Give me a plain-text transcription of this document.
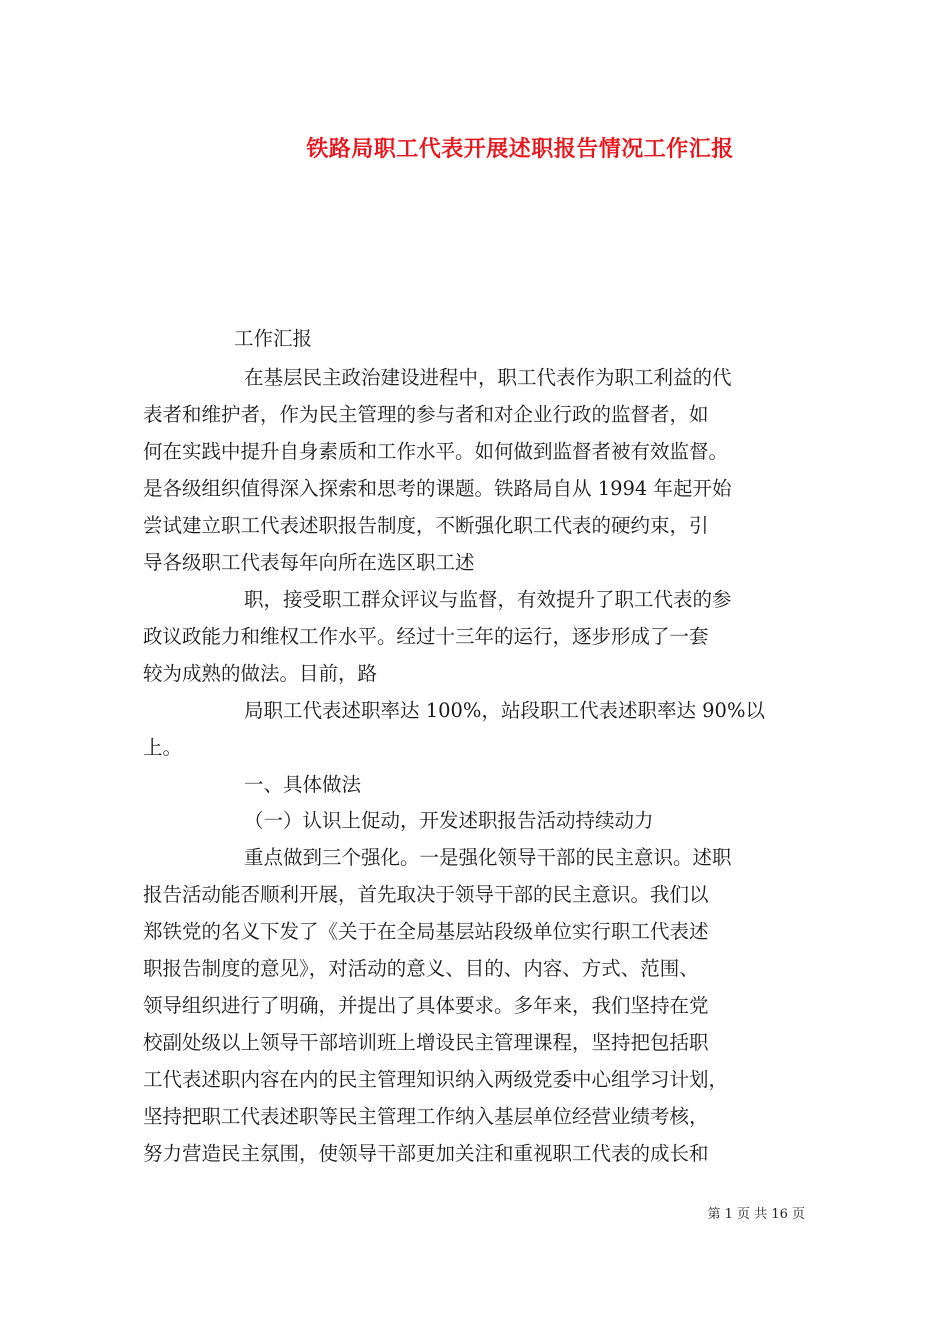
铁路局职工代表开展述职报告情况工作汇报
工作汇报
在基层民主政治建设进程中，职工代表作为职工利益的代
表者和维护者，作为民主管理的参与者和对企业行政的监督者，如
何在实践中提升自身素质和工作水平。如何做到监督者被有效监督。
是各级组织值得深入探索和思考的课题。铁路局自从 1994 年起开始
尝试建立职工代表述职报告制度，不断强化职工代表的硬约束，引
导各级职工代表每年向所在选区职工述
职，接受职工群众评议与监督，有效提升了职工代表的参
政议政能力和维权工作水平。经过十三年的运行，逐步形成了一套
较为成熟的做法。目前，路
局职工代表述职率达 100%，站段职工代表述职率达 90%以
上。
一、具体做法
（一）认识上促动，开发述职报告活动持续动力
重点做到三个强化。一是强化领导干部的民主意识。述职
报告活动能否顺利开展，首先取决于领导干部的民主意识。我们以
郑铁党的名义下发了《关于在全局基层站段级单位实行职工代表述
职报告制度的意见》，对活动的意义、目的、内容、方式、范围、
领导组织进行了明确，并提出了具体要求。多年来，我们坚持在党
校副处级以上领导干部培训班上增设民主管理课程，坚持把包括职
工代表述职内容在内的民主管理知识纳入两级党委中心组学习计划，
坚持把职工代表述职等民主管理工作纳入基层单位经营业绩考核，
努力营造民主氛围，使领导干部更加关注和重视职工代表的成长和
第 1 页 共 16 页
